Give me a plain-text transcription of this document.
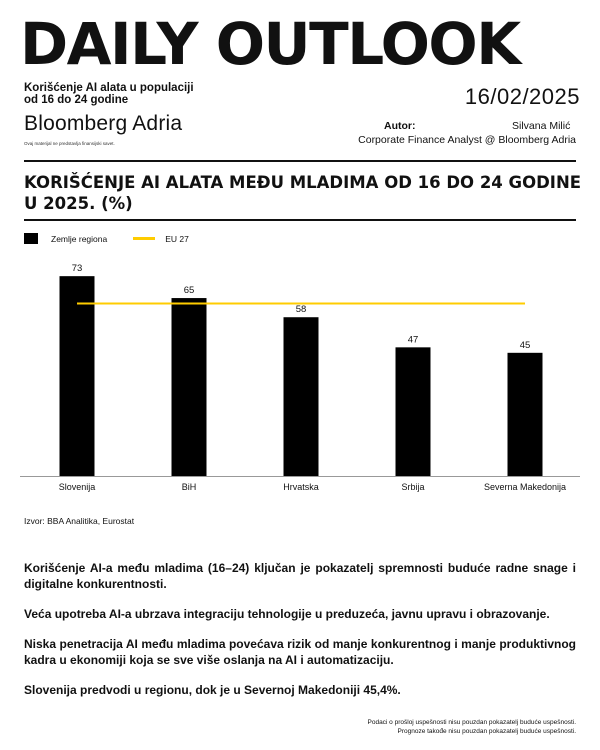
DAILY OUTLOOK
Korišćenje AI alata u populaciji
od 16 do 24 godine	16/02/2025
Bloomberg Adria
Ovaj materijal ne predstavlja finansijski savet.
Autor:	Silvana Milić
Corporate Finance Analyst @ Bloomberg Adria
KORIŠĆENJE AI ALATA MEĐU MLADIMA OD 16 DO 24 GODINE U 2025. (%)
Zemlje regiona	EU 27
73
Slovenija
65
BiH
58
Hrvatska
47
Srbija
45
Severna Makedonija
Izvor: BBA Analitika, Eurostat

Korišćenje AI-a među mladima (16–24) ključan je pokazatelj spremnosti buduće radne snage i digitalne konkurentnosti.

Veća upotreba AI-a ubrzava integraciju tehnologije u preduzeća, javnu upravu i obrazovanje.

Niska penetracija AI među mladima povećava rizik od manje konkurentnog i manje produktivnog kadra u ekonomiji koja se sve više oslanja na AI i automatizaciju.

Slovenija predvodi u regionu, dok je u Severnoj Makedoniji 45,4%.

Podaci o prošloj uspešnosti nisu pouzdan pokazatelj buduće uspešnosti.
Prognoze takođe nisu pouzdan pokazatelj buduće uspešnosti.
